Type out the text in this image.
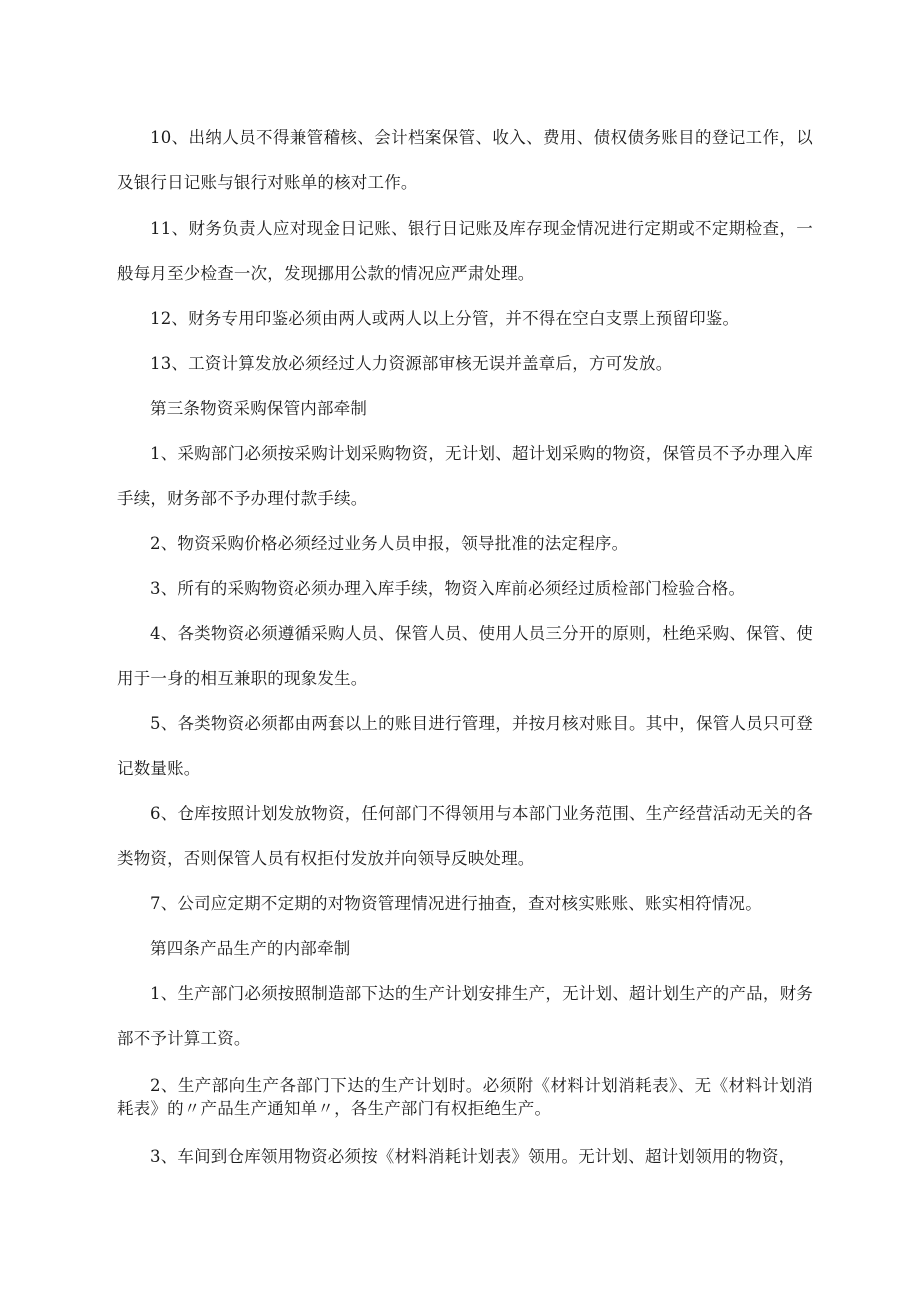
10、出纳人员不得兼管稽核、会计档案保管、收入、费用、债权债务账目的登记工作，以及银行日记账与银行对账单的核对工作。

11、财务负责人应对现金日记账、银行日记账及库存现金情况进行定期或不定期检查，一般每月至少检查一次，发现挪用公款的情况应严肃处理。

12、财务专用印鉴必须由两人或两人以上分管，并不得在空白支票上预留印鉴。

13、工资计算发放必须经过人力资源部审核无误并盖章后，方可发放。

第三条物资采购保管内部牵制

1、采购部门必须按采购计划采购物资，无计划、超计划采购的物资，保管员不予办理入库手续，财务部不予办理付款手续。

2、物资采购价格必须经过业务人员申报，领导批准的法定程序。

3、所有的采购物资必须办理入库手续，物资入库前必须经过质检部门检验合格。

4、各类物资必须遵循采购人员、保管人员、使用人员三分开的原则，杜绝采购、保管、使用于一身的相互兼职的现象发生。

5、各类物资必须都由两套以上的账目进行管理，并按月核对账目。其中，保管人员只可登记数量账。

6、仓库按照计划发放物资，任何部门不得领用与本部门业务范围、生产经营活动无关的各类物资，否则保管人员有权拒付发放并向领导反映处理。

7、公司应定期不定期的对物资管理情况进行抽查，查对核实账账、账实相符情况。

第四条产品生产的内部牵制

1、生产部门必须按照制造部下达的生产计划安排生产，无计划、超计划生产的产品，财务部不予计算工资。

2、生产部向生产各部门下达的生产计划时。必须附《材料计划消耗表》、无《材料计划消耗表》的〃产品生产通知单〃，各生产部门有权拒绝生产。

3、车间到仓库领用物资必须按《材料消耗计划表》领用。无计划、超计划领用的物资，
